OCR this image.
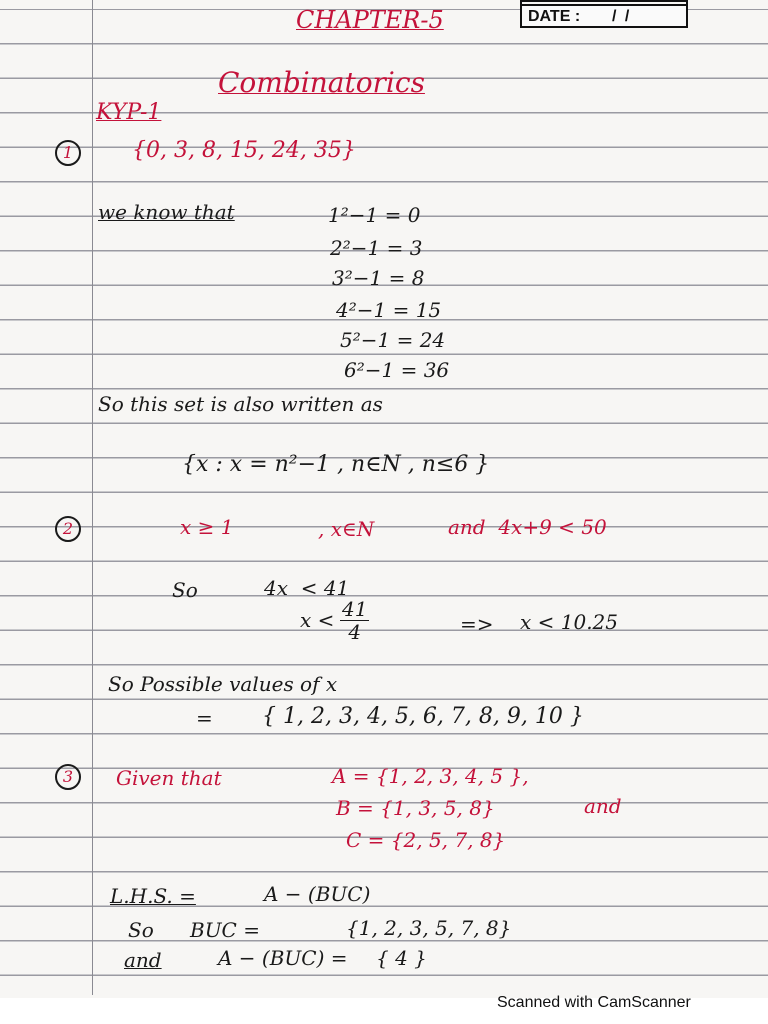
DATE : / /
CHAPTER-5
Combinatorics
KYP-1
1	{0, 3, 8, 15, 24, 35}
we know that	1²−1 = 0
2²−1 = 3
3²−1 = 8
4²−1 = 15
5²−1 = 24
6²−1 = 36
So this set is also written as
{x : x = n²−1 , n∈N , n≤6 }
2	x ≥ 1	, x∈N	and  4x+9 < 50
So	4x  < 41
$x < \frac{41}{4}$	=> x < 10.25
So Possible values of x
= { 1, 2, 3, 4, 5, 6, 7, 8, 9, 10 }
3	Given that	A = {1, 2, 3, 4, 5 },
B = {1, 3, 5, 8}	and
C = {2, 5, 7, 8}
L.H.S. =	A − (BUC)
So BUC =	{1, 2, 3, 5, 7, 8}
and	A − (BUC) = { 4 }
Scanned with CamScanner
